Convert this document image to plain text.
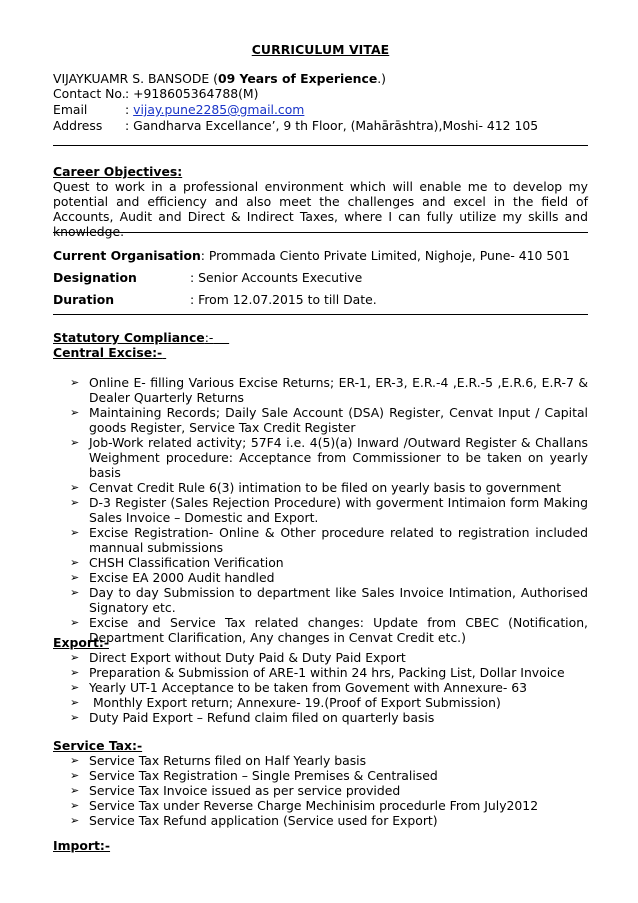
CURRICULUM VITAE
VIJAYKUAMR S. BANSODE (09 Years of Experience.)
Contact No.: +918605364788(M)
Email	: vijay.pune2285@gmail.com
Address : Gandharva Excellance’, 9 th Floor, (Mahārāshtra),Moshi- 412 105
Career Objectives:
Quest to work in a professional environment which will enable me to develop my potential and efficiency and also meet the challenges and excel in the field of Accounts, Audit and Direct & Indirect Taxes, where I can fully utilize my skills and knowledge.
Current Organisation: Prommada Ciento Private Limited, Nighoje, Pune- 410 501
Designation	: Senior Accounts Executive
Duration	: From 12.07.2015 to till Date.
Statutory Compliance:-
Central Excise:-
➢ Online E- filling Various Excise Returns; ER-1, ER-3, E.R.-4 ,E.R.-5 ,E.R.6, E.R-7 & Dealer Quarterly Returns
➢ Maintaining Records; Daily Sale Account (DSA) Register, Cenvat Input / Capital goods Register, Service Tax Credit Register
➢ Job-Work related activity; 57F4 i.e. 4(5)(a) Inward /Outward Register & Challans Weighment procedure: Acceptance from Commissioner to be taken on yearly basis
➢ Cenvat Credit Rule 6(3) intimation to be filed on yearly basis to government
➢ D-3 Register (Sales Rejection Procedure) with goverment Intimaion form Making Sales Invoice – Domestic and Export.
➢ Excise Registration- Online & Other procedure related to registration included mannual submissions
➢ CHSH Classification Verification
➢ Excise EA 2000 Audit handled
➢ Day to day Submission to department like Sales Invoice Intimation, Authorised Signatory etc.
➢ Excise and Service Tax related changes: Update from CBEC (Notification, Department Clarification, Any changes in Cenvat Credit etc.)
Export:-
➢ Direct Export without Duty Paid & Duty Paid Export
➢ Preparation & Submission of ARE-1 within 24 hrs, Packing List, Dollar Invoice
➢ Yearly UT-1 Acceptance to be taken from Govement with Annexure- 63
➢  Monthly Export return; Annexure- 19.(Proof of Export Submission)
➢ Duty Paid Export – Refund claim filed on quarterly basis
Service Tax:-
➢ Service Tax Returns filed on Half Yearly basis
➢ Service Tax Registration – Single Premises & Centralised
➢ Service Tax Invoice issued as per service provided
➢ Service Tax under Reverse Charge Mechinisim procedurle From July2012
➢ Service Tax Refund application (Service used for Export)
Import:-
